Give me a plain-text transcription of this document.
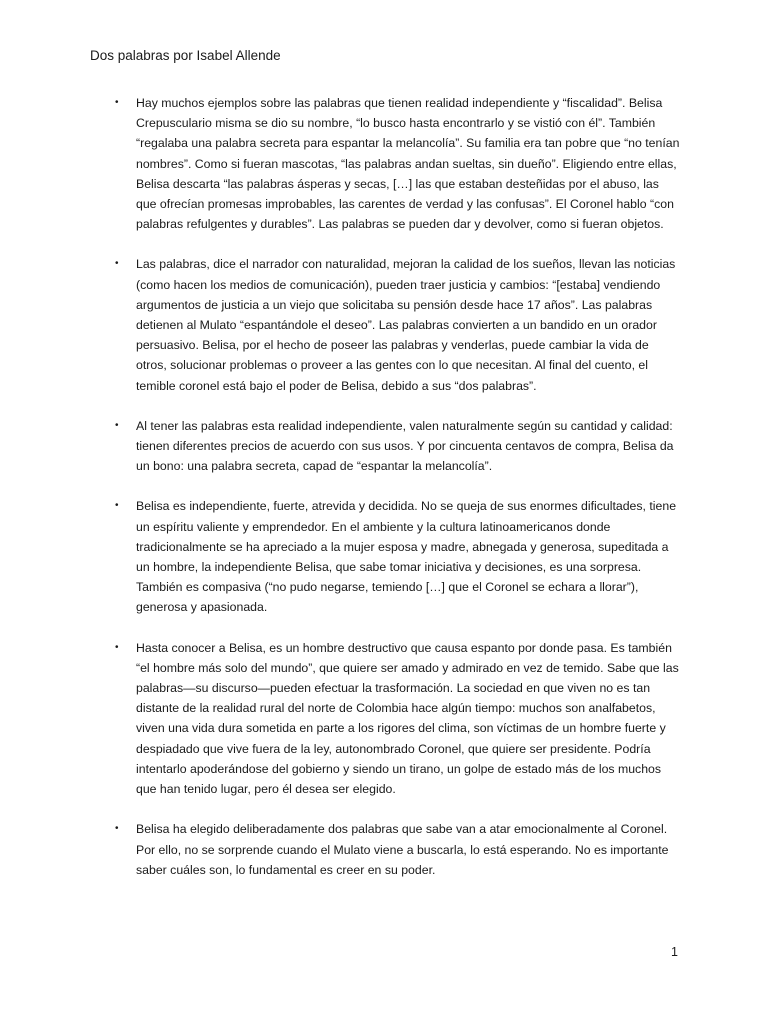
Dos palabras por Isabel Allende
• Hay muchos ejemplos sobre las palabras que tienen realidad independiente y “fiscalidad”. Belisa Crepusculario misma se dio su nombre, “lo busco hasta encontrarlo y se vistió con él”. También “regalaba una palabra secreta para espantar la melancolía”. Su familia era tan pobre que “no tenían nombres”. Como si fueran mascotas, “las palabras andan sueltas, sin dueño”. Eligiendo entre ellas, Belisa descarta “las palabras ásperas y secas, […] las que estaban desteñidas por el abuso, las que ofrecían promesas improbables, las carentes de verdad y las confusas”. El Coronel hablo “con palabras refulgentes y durables”. Las palabras se pueden dar y devolver, como si fueran objetos.
• Las palabras, dice el narrador con naturalidad, mejoran la calidad de los sueños, llevan las noticias (como hacen los medios de comunicación), pueden traer justicia y cambios: “[estaba] vendiendo argumentos de justicia a un viejo que solicitaba su pensión desde hace 17 años”. Las palabras detienen al Mulato “espantándole el deseo”. Las palabras convierten a un bandido en un orador persuasivo. Belisa, por el hecho de poseer las palabras y venderlas, puede cambiar la vida de otros, solucionar problemas o proveer a las gentes con lo que necesitan. Al final del cuento, el temible coronel está bajo el poder de Belisa, debido a sus “dos palabras”.
• Al tener las palabras esta realidad independiente, valen naturalmente según su cantidad y calidad: tienen diferentes precios de acuerdo con sus usos. Y por cincuenta centavos de compra, Belisa da un bono: una palabra secreta, capad de “espantar la melancolía”.
• Belisa es independiente, fuerte, atrevida y decidida. No se queja de sus enormes dificultades, tiene un espíritu valiente y emprendedor. En el ambiente y la cultura latinoamericanos donde tradicionalmente se ha apreciado a la mujer esposa y madre, abnegada y generosa, supeditada a un hombre, la independiente Belisa, que sabe tomar iniciativa y decisiones, es una sorpresa. También es compasiva (“no pudo negarse, temiendo […] que el Coronel se echara a llorar”), generosa y apasionada.
• Hasta conocer a Belisa, es un hombre destructivo que causa espanto por donde pasa. Es también “el hombre más solo del mundo”, que quiere ser amado y admirado en vez de temido. Sabe que las palabras—su discurso—pueden efectuar la trasformación. La sociedad en que viven no es tan distante de la realidad rural del norte de Colombia hace algún tiempo: muchos son analfabetos, viven una vida dura sometida en parte a los rigores del clima, son víctimas de un hombre fuerte y despiadado que vive fuera de la ley, autonombrado Coronel, que quiere ser presidente. Podría intentarlo apoderándose del gobierno y siendo un tirano, un golpe de estado más de los muchos que han tenido lugar, pero él desea ser elegido.
• Belisa ha elegido deliberadamente dos palabras que sabe van a atar emocionalmente al Coronel. Por ello, no se sorprende cuando el Mulato viene a buscarla, lo está esperando. No es importante saber cuáles son, lo fundamental es creer en su poder.
1
